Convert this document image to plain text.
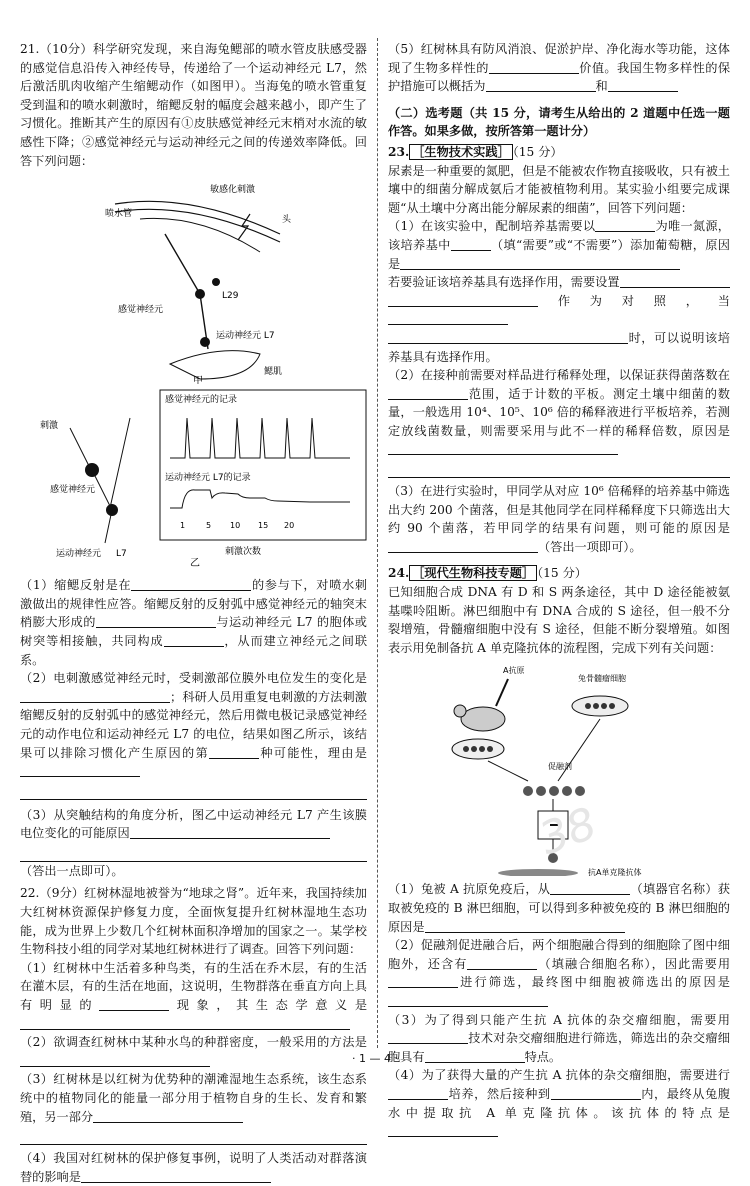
21.（10分）科学研究发现，来自海兔鳃部的喷水管皮肤感受器的感觉信息沿传入神经传导，传递给了一个运动神经元 L7，然后激活肌肉收缩产生缩鳃动作（如图甲）。当海兔的喷水管重复受到温和的喷水刺激时，缩鳃反射的幅度会越来越小，即产生了习惯化。推断其产生的原因有①皮肤感觉神经元末梢对水流的敏感性下降；②感觉神经元与运动神经元之间的传递效率降低。回答下列问题：

敏感化刺激
喷水管
头
L29
感觉神经元
运动神经元 L7
鳃肌
甲
感觉神经元的记录
运动神经元 L7的记录
1	5 10 15 20
刺激次数
刺激
感觉神经元
运动神经元 L7
乙

（1）缩鳃反射是在	的参与下，对喷水刺激做出的规律性应答。缩鳃反射的反射弧中感觉神经元的轴突末梢膨大形成的	与运动神经元 L7 的胞体或树突等相接触，共同构成	，从而建立神经元之间联系。

（2）电刺激感觉神经元时，受刺激部位膜外电位发生的变化是；科研人员用重复电刺激的方法刺激缩鳃反射的反射弧中的感觉神经元，然后用微电极记录感觉神经元的动作电位和运动神经元 L7 的电位，结果如图乙所示，该结果可以排除习惯化产生原因的第	种可能性，理由是

（3）从突触结构的角度分析，图乙中运动神经元 L7 产生该膜电位变化的可能原因

（答出一点即可）。

22.（9分）红树林湿地被誉为“地球之肾”。近年来，我国持续加大红树林资源保护修复力度，全面恢复提升红树林湿地生态功能，成为世界上少数几个红树林面积净增加的国家之一。某学校生物科技小组的同学对某地红树林进行了调查。回答下列问题：

（1）红树林中生活着多种鸟类，有的生活在乔木层，有的生活在灌木层，有的生活在地面，这说明，生物群落在垂直方向上具有明显的	现象，其生态学意义是

（2）欲调查红树林中某种水鸟的种群密度，一般采用的方法是

（3）红树林是以红树为优势种的潮滩湿地生态系统，该生态系统中的植物同化的能量一部分用于植物自身的生长、发育和繁殖，另一部分

（4）我国对红树林的保护修复事例，说明了人类活动对群落演替的影响是

（5）红树林具有防风消浪、促淤护岸、净化海水等功能，这体现了生物多样性的	价值。我国生物多样性的保护措施可以概括为	和

（二）选考题（共 15 分，请考生从给出的 2 道题中任选一题作答。如果多做，按所答第一题计分）

23. ［生物技术实践］ （15 分）

尿素是一种重要的氮肥，但是不能被农作物直接吸收，只有被土壤中的细菌分解成氨后才能被植物利用。某实验小组要完成课题“从土壤中分离出能分解尿素的细菌”，回答下列问题：

（1）在该实验中，配制培养基需要以	为唯一氮源，该培养基中	（填“需要”或“不需要”）添加葡萄糖，原因是

若要验证该培养基具有选择作用，需要设置

作为对照，当

时，可以说明该培养基具有选择作用。

（2）在接种前需要对样品进行稀释处理，以保证获得菌落数在范围，适于计数的平板。测定土壤中细菌的数量，一般选用 10⁴、10⁵、10⁶ 倍的稀释液进行平板培养，若测定放线菌数量，则需要采用与此不一样的稀释倍数，原因是

（3）在进行实验时，甲同学从对应 10⁶ 倍稀释的培养基中筛选出大约 200 个菌落，但是其他同学在同样稀释度下只筛选出大约 90 个菌落，若甲同学的结果有问题，则可能的原因是（答出一项即可）。

24. ［现代生物科技专题］ （15 分）

已知细胞合成 DNA 有 D 和 S 两条途径，其中 D 途径能被氨基喋呤阻断。淋巴细胞中有 DNA 合成的 S 途径，但一般不分裂增殖，骨髓瘤细胞中没有 S 途径，但能不断分裂增殖。如图表示用免制备抗 A 单克隆抗体的流程图，完成下列有关问题：

A抗原
兔骨髓瘤细胞
促融剂
抗A单克隆抗体

（1）兔被 A 抗原免疫后，从	（填器官名称）获取被免疫的 B 淋巴细胞，可以得到多种被免疫的 B 淋巴细胞的原因是

（2）促融剂促进融合后，两个细胞融合得到的细胞除了图中细胞外，还含有	（填融合细胞名称），因此需要用进行筛选，最终图中细胞被筛选出的原因是

（3）为了得到只能产生抗 A 抗体的杂交瘤细胞，需要用技术对杂交瘤细胞进行筛选，筛选出的杂交瘤细胞具有	特点。

（4）为了获得大量的产生抗 A 抗体的杂交瘤细胞，需要进行培养，然后接种到	内，最终从兔腹水中提取抗 A 单克隆抗体。该抗体的特点是

38
· 1 — 4 ·
